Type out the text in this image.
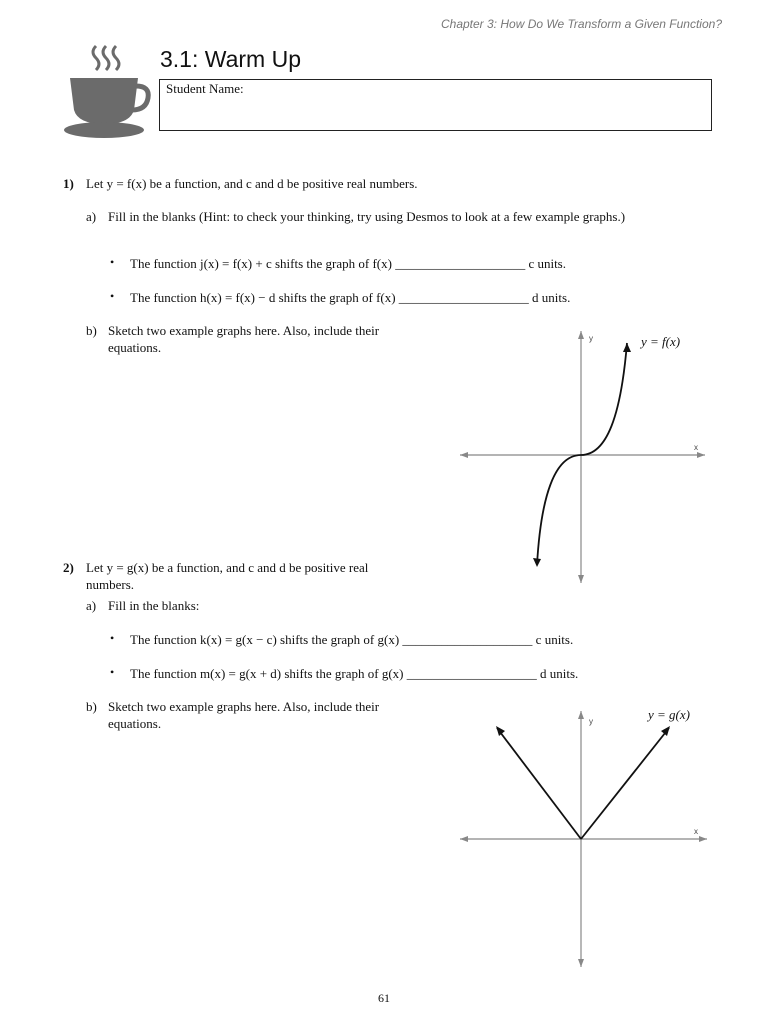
Chapter 3: How Do We Transform a Given Function?
3.1: Warm Up
Student Name:
1) Let y = f(x) be a function, and c and d be positive real numbers.
a) Fill in the blanks (Hint: to check your thinking, try using Desmos to look at a few example graphs.)
• The function j(x) = f(x) + c shifts the graph of f(x) ____________________ c units.
• The function h(x) = f(x) − d shifts the graph of f(x) ____________________ d units.
b) Sketch two example graphs here. Also, include their
equations.
y
x
y = f(x)
2) Let y = g(x) be a function, and c and d be positive real
numbers.
a) Fill in the blanks:
• The function k(x) = g(x − c) shifts the graph of g(x) ____________________ c units.
• The function m(x) = g(x + d) shifts the graph of g(x) ____________________ d units.
b) Sketch two example graphs here. Also, include their
equations.	y
x
y = g(x)
61
